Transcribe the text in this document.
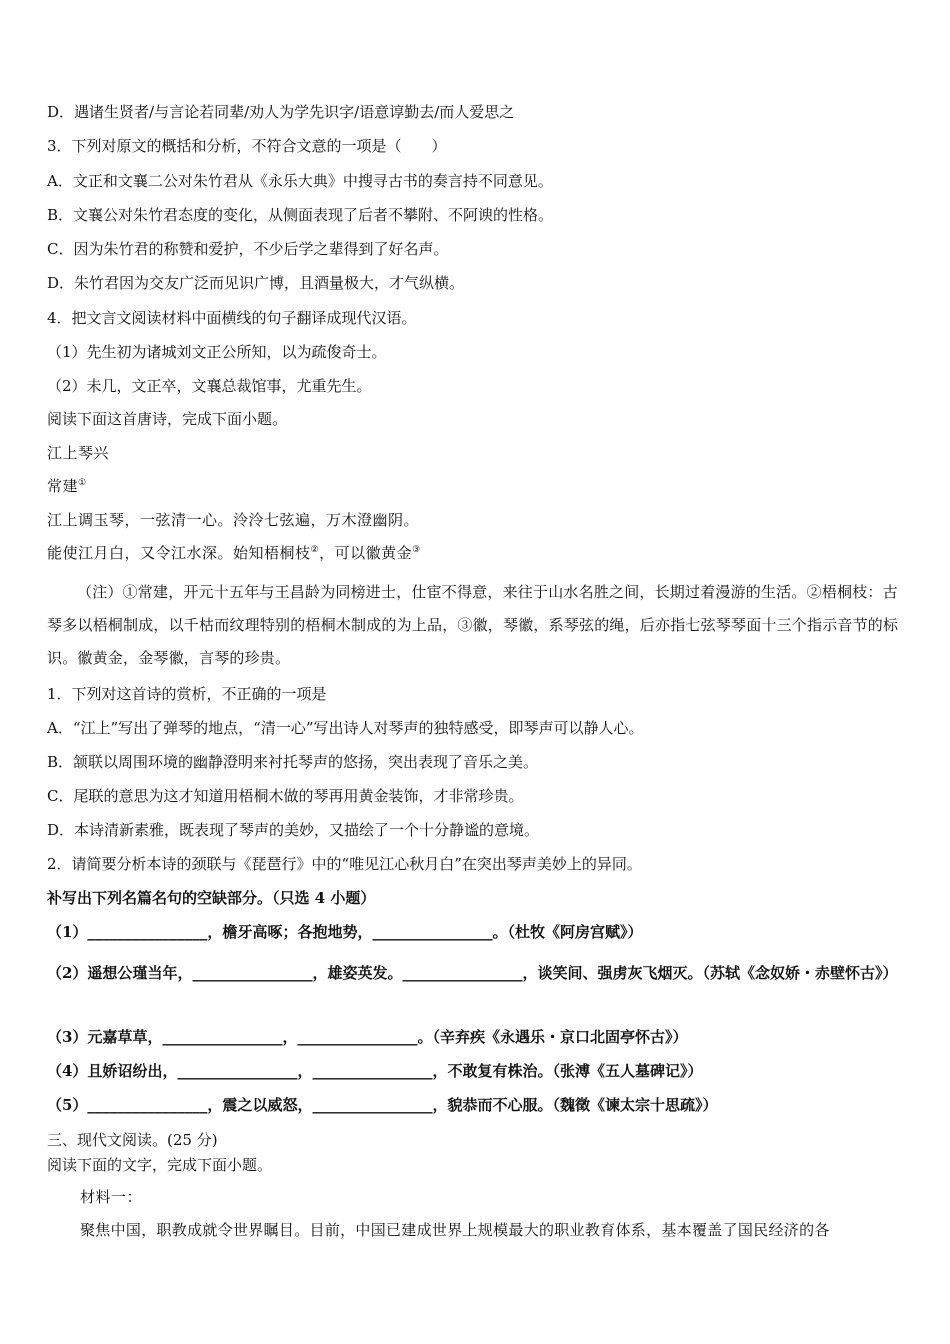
D．遇诸生贤者/与言论若同辈/劝人为学先识字/语意谆勤去/而人爱思之
3．下列对原文的概括和分析，不符合文意的一项是（　　）
A．文正和文襄二公对朱竹君从《永乐大典》中搜寻古书的奏言持不同意见。
B．文襄公对朱竹君态度的变化，从侧面表现了后者不攀附、不阿谀的性格。
C．因为朱竹君的称赞和爱护，不少后学之辈得到了好名声。
D．朱竹君因为交友广泛而见识广博，且酒量极大，才气纵横。
4．把文言文阅读材料中面横线的句子翻译成现代汉语。
（1）先生初为诸城刘文正公所知，以为疏俊奇士。
（2）未几，文正卒，文襄总裁馆事，尤重先生。
阅读下面这首唐诗，完成下面小题。
江上琴兴
常建①
江上调玉琴，一弦清一心。泠泠七弦遍，万木澄幽阴。
能使江月白，又令江水深。始知梧桐枝②，可以徽黄金③
（注）①常建，开元十五年与王昌龄为同榜进士，仕宦不得意，来往于山水名胜之间，长期过着漫游的生活。②梧桐枝：古琴多以梧桐制成，以千枯而纹理特别的梧桐木制成的为上品，③徽，琴徽，系琴弦的绳，后亦指七弦琴琴面十三个指示音节的标识。徽黄金，金琴徽，言琴的珍贵。
1．下列对这首诗的赏析，不正确的一项是
A．“江上”写出了弹琴的地点，“清一心”写出诗人对琴声的独特感受，即琴声可以静人心。
B．颔联以周围环境的幽静澄明来衬托琴声的悠扬，突出表现了音乐之美。
C．尾联的意思为这才知道用梧桐木做的琴再用黄金装饰，才非常珍贵。
D．本诗清新素雅，既表现了琴声的美妙，又描绘了一个十分静谧的意境。
2．请简要分析本诗的颈联与《琵琶行》中的“唯见江心秋月白”在突出琴声美妙上的异同。
补写出下列名篇名句的空缺部分。（只选 4 小题）
（1）________________，檐牙高啄；各抱地势，________________。（杜牧《阿房宫赋》）
（2）遥想公瑾当年，________________，雄姿英发。________________，谈笑间、强虏灰飞烟灭。（苏轼《念奴娇・赤壁怀古》）
（3）元嘉草草，________________，________________。（辛弃疾《永遇乐・京口北固亭怀古》）
（4）且娇诏纷出，________________，________________，不敢复有株治。（张溥《五人墓碑记》）
（5）________________，震之以威怒，________________，貌恭而不心服。（魏徵《谏太宗十思疏》）
三、现代文阅读。(25 分)
阅读下面的文字，完成下面小题。
材料一：
聚焦中国，职教成就令世界瞩目。目前，中国已建成世界上规模最大的职业教育体系，基本覆盖了国民经济的各
